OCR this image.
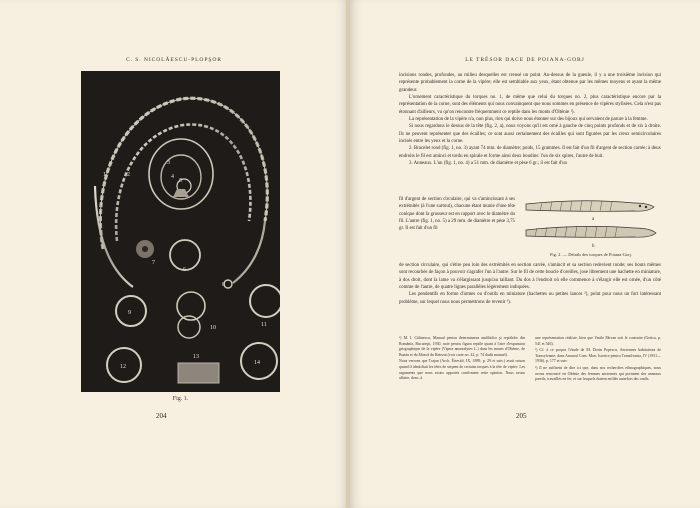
C. S. NICOLĂESCU-PLOPŞOR
1	2
3
4
5
6
7
8
9
10	11
12
13
14
Fig. 1.
204
LE TRÉSOR DACE DE POIANA-GORJ

incisions rondes, profondes, au milieu desquelles est creusé un point. Au-dessus de la gueule, il y a une troisième incision qui représente probablement la corne de la vipère; elle est semblable aux yeux, étant obtenue par les mêmes moyens et ayant la même grandeur.

L'ornement caractéristique du torques no. 1, de même que celui du torques no. 2, plus caractéristique encore par la représentation de la corne, sont des éléments qui nous convainquent que nous sommes en présence de vipères stylisées. Cela n'est pas étonnant d'ailleurs, vu qu'on rencontre fréquemment ce reptile dans les monts d'Olténie ¹).

La représentation de la vipère n'a, non plus, rien qui doive nous étonner sur des bijoux qui servaient de parure à la femme.

Si nous regardons le dessus de la tête (fig. 2, a), nous voyons qu'il est orné à gauche de cinq points profonds et de six à droite. Ils ne peuvent représenter que des écailles; ce sont aussi certainement des écailles qui sont figurées par les creux semicirculaires incisés entre les yeux et la corne.

2. Bracelet rond (fig. 1, no. 3) ayant 74 mm. de diamètre; poids, 15 grammes. Il est fait d'un fil d'argent de section carrée; à deux endroits le fil est aminci et tordu en spirale et forme ainsi deux boudins: l'un de six spires, l'autre de huit.

3. Anneaux. L'un (fig. 1, no. 4) a 51 mm. de diamètre et pèse 6 gr.; il est fait d'un

fil d'argent de section circulaire, qui va s'amincissant à ses extrémités (à l'une surtout), chacune étant munie d'une tête conique dont la grosseur est en rapport avec le diamètre du fil. L'autre (fig. 1, no. 5) a 29 mm. de diamètre et pèse 3,75 gr. Il est fait d'un fil

a
b
Fig. 2. — Détails des torques de Poiana-Gorj.

de section circulaire, qui s'étire peu loin des extrémités en section carrée, s'amincit et sa section redevient ronde; ses bouts mêmes sont recourbés de façon à pouvoir s'agrafer l'un à l'autre. Sur le fil de cette boucle d'oreilles, jose librement une hachette en miniature, à dos droit, dont la lame va s'élargissant jusqu'au taillant. Du dos à l'endroit où elle commence à s'élargir elle est ornée, d'un côté comme de l'autre, de quatre lignes parallèles légèrement indiquées.

Les pendentifs en forme d'armes ou d'outils en miniature (hachettes ou petites lances ²), polut pour nous un fort intéressant problème, sur lequel nous nous permettrons de revenir ³).

¹) M. I. Călinescu, Manual pentru determinarea amfibiilor şi reptilelor din România, Bucureşti, 1930, note pentru figura reptile quant à l'aire d'expansion géographique de la vipère (Vipera ammodytes L.) dans les monts d'Olténie, de Buzău et du Massif du Retezat (voir carte no. 42, p. 74 dudit manuel).

Nous verrons que Trajan (Arch. Értesítő, IX, 1889, p. 29 et suiv.) avait raison quand il identifiait les têtes de serpent de certains torques à la tête de vipère. Les arguments que nous avons apportés confirment cette opinion. Nous avons affaire, donc, à

une représentation réaliste, bien que Vasile Pârvan soit le contraire (Getica, p. 541 et 546).

²) Cf. à ce propos l'étude de M. Dorin Popescu, Anciennes habitations de Transylvanie, dans Anuarul Com. Mon. Istorice pentru Transilvania, IV (1931—1936), p. 177 et suiv.

³) Il ne suffisent de dire ici que, dans nos recherches ethnographiques, nous avons rencontré en Olténie des femmes anciennes qui portaient des anneaux pareils, travaillés en fer, et sur lesquels étaient enfilés autrefois des outils.

205
